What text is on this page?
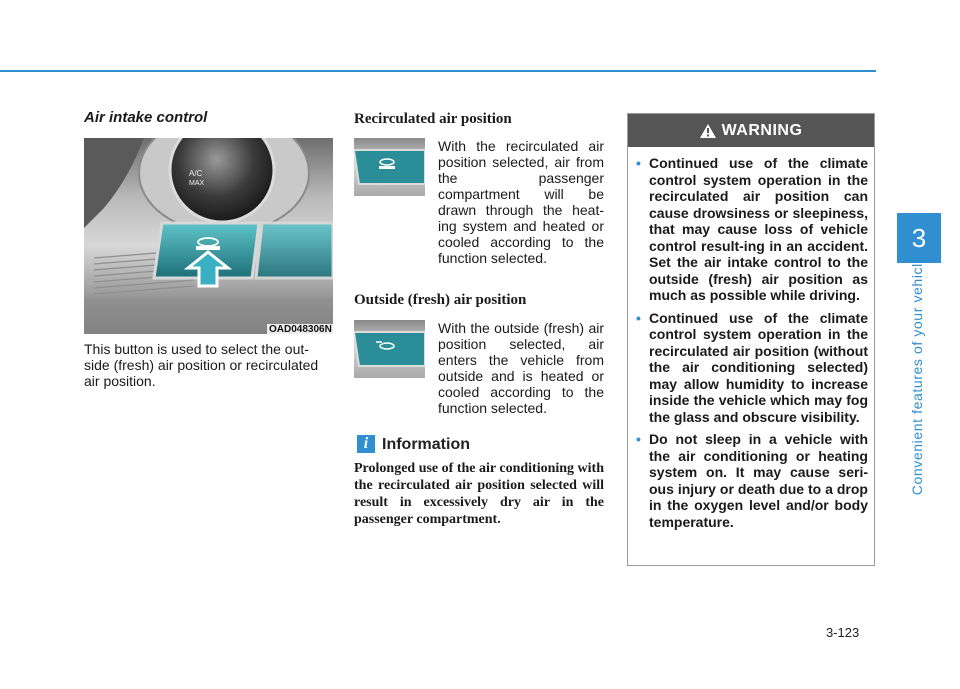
3
Convenient features of your vehicle
Air intake control
A/C
MAX
OAD048306N
This button is used to select the out-side (fresh) air position or recirculated air position.
Recirculated air position
With the recirculated air position selected, air from the passenger compartment will be drawn through the heat-ing system and heated or cooled according to the function selected.
Outside (fresh) air position
With the outside (fresh) air position selected, air enters the vehicle from outside and is heated or cooled according to the function selected.
i Information
Prolonged use of the air conditioning with the recirculated air position selected will result in excessively dry air in the passenger compartment.
WARNING
• Continued use of the climate control system operation in the recirculated air position can cause drowsiness or sleepiness, that may cause loss of vehicle control result-ing in an accident. Set the air intake control to the outside (fresh) air position as much as possible while driving.
• Continued use of the climate control system operation in the recirculated air position (without the air conditioning selected) may allow humidity to increase inside the vehicle which may fog the glass and obscure visibility.
• Do not sleep in a vehicle with the air conditioning or heating system on. It may cause seri-ous injury or death due to a drop in the oxygen level and/or body temperature.
3-123
